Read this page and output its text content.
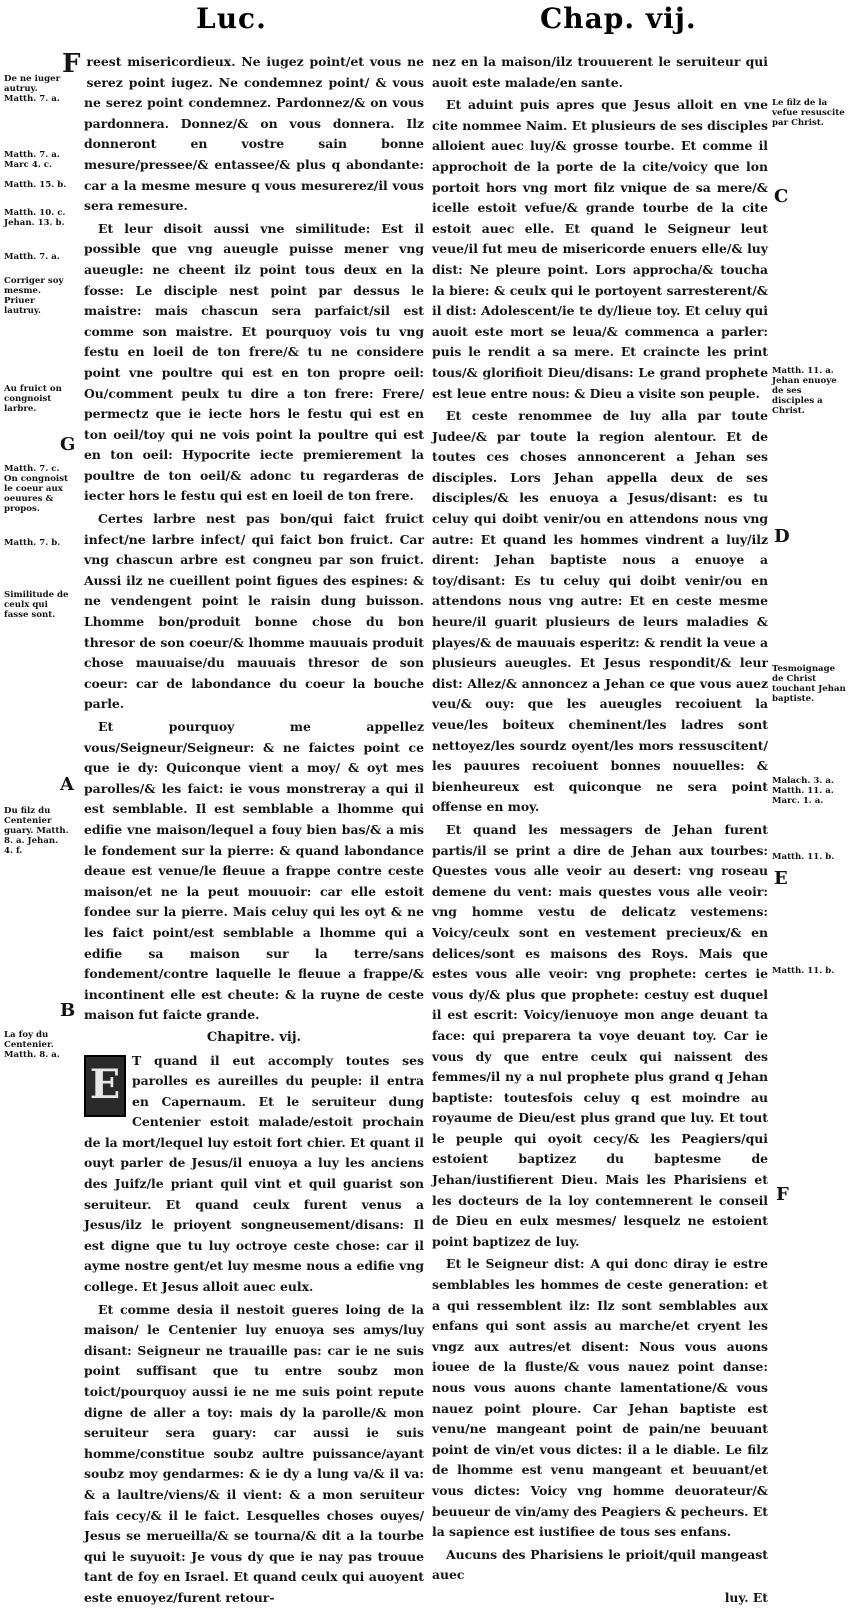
Luc.	Chap. vij.
De ne iuger autruy. Matth. 7. a.
Matth. 7. a. Marc 4. c.
Matth. 15. b.
Matth. 10. c. Jehan. 13. b.
Matth. 7. a.
Corriger soy mesme. Priuer lautruy.
Au fruict on congnoist larbre.
Matth. 7. c. On congnoist le coeur aux oeuures & propos.
Matth. 7. b.
Similitude de ceulx qui fasse sont.
Du filz du Centenier guary. Matth. 8. a. Jehan. 4. f.
La foy du Centenier. Matth. 8. a.
G
A
B
Le filz de la vefue resuscite par Christ.
Matth. 11. a. Jehan enuoye de ses disciples a Christ.
Tesmoignage de Christ touchant Jehan baptiste.
Malach. 3. a. Matth. 11. a. Marc. 1. a.
Matth. 11. b.
Matth. 11. b.
C
D
E
F

Freest misericordieux. Ne iugez point/et vous ne serez point iugez. Ne condemnez point/ & vous ne serez point condemnez. Pardonnez/& on vous pardonnera. Donnez/& on vous donnera. Ilz donneront en vostre sain bonne mesure/pressee/& entassee/& plus q abondante: car a la mesme mesure q vous mesurerez/il vous sera remesure.

Et leur disoit aussi vne similitude: Est il possible que vng aueugle puisse mener vng aueugle: ne cheent ilz point tous deux en la fosse: Le disciple nest point par dessus le maistre: mais chascun sera parfaict/sil est comme son maistre. Et pourquoy vois tu vng festu en loeil de ton frere/& tu ne considere point vne poultre qui est en ton propre oeil: Ou/comment peulx tu dire a ton frere: Frere/ permectz que ie iecte hors le festu qui est en ton oeil/toy qui ne vois point la poultre qui est en ton oeil: Hypocrite iecte premierement la poultre de ton oeil/& adonc tu regarderas de iecter hors le festu qui est en loeil de ton frere.

Certes larbre nest pas bon/qui faict fruict infect/ne larbre infect/ qui faict bon fruict. Car vng chascun arbre est congneu par son fruict. Aussi ilz ne cueillent point figues des espines: & ne vendengent point le raisin dung buisson. Lhomme bon/produit bonne chose du bon thresor de son coeur/& lhomme mauuais produit chose mauuaise/du mauuais thresor de son coeur: car de labondance du coeur la bouche parle.

Et pourquoy me appellez vous/Seigneur/Seigneur: & ne faictes point ce que ie dy: Quiconque vient a moy/ & oyt mes parolles/& les faict: ie vous monstreray a qui il est semblable. Il est semblable a lhomme qui edifie vne maison/lequel a fouy bien bas/& a mis le fondement sur la pierre: & quand labondance deaue est venue/le fleuue a frappe contre ceste maison/et ne la peut mouuoir: car elle estoit fondee sur la pierre. Mais celuy qui les oyt & ne les faict point/est semblable a lhomme qui a edifie sa maison sur la terre/sans fondement/contre laquelle le fleuue a frappe/& incontinent elle est cheute: & la ruyne de ceste maison fut faicte grande.

Chapitre. vij.

E
T quand il eut accomply toutes ses parolles es aureilles du peuple: il entra en Capernaum. Et le seruiteur dung Centenier estoit malade/estoit prochain de la mort/lequel luy estoit fort chier. Et quant il ouyt parler de Jesus/il enuoya a luy les anciens des Juifz/le priant quil vint et quil guarist son seruiteur. Et quand ceulx furent venus a Jesus/ilz le prioyent songneusement/disans: Il est digne que tu luy octroye ceste chose: car il ayme nostre gent/et luy mesme nous a edifie vng college. Et Jesus alloit auec eulx.

Et comme desia il nestoit gueres loing de la maison/ le Centenier luy enuoya ses amys/luy disant: Seigneur ne trauaille pas: car ie ne suis point suffisant que tu entre soubz mon toict/pourquoy aussi ie ne me suis point repute digne de aller a toy: mais dy la parolle/& mon seruiteur sera guary: car aussi ie suis homme/constitue soubz aultre puissance/ayant soubz moy gendarmes: & ie dy a lung va/& il va: & a laultre/viens/& il vient: & a mon seruiteur fais cecy/& il le faict. Lesquelles choses ouyes/ Jesus se merueilla/& se tourna/& dit a la tourbe qui le suyuoit: Je vous dy que ie nay pas trouue tant de foy en Israel. Et quand ceulx qui auoyent este enuoyez/furent retour-

nez en la maison/ilz trouuerent le seruiteur qui auoit este malade/en sante.

Et aduint puis apres que Jesus alloit en vne cite nommee Naim. Et plusieurs de ses disciples alloient auec luy/& grosse tourbe. Et comme il approchoit de la porte de la cite/voicy que lon portoit hors vng mort filz vnique de sa mere/& icelle estoit vefue/& grande tourbe de la cite estoit auec elle. Et quand le Seigneur leut veue/il fut meu de misericorde enuers elle/& luy dist: Ne pleure point. Lors approcha/& toucha la biere: & ceulx qui le portoyent sarresterent/& il dist: Adolescent/ie te dy/lieue toy. Et celuy qui auoit este mort se leua/& commenca a parler: puis le rendit a sa mere. Et craincte les print tous/& glorifioit Dieu/disans: Le grand prophete est leue entre nous: & Dieu a visite son peuple.

Et ceste renommee de luy alla par toute Judee/& par toute la region alentour. Et de toutes ces choses annoncerent a Jehan ses disciples. Lors Jehan appella deux de ses disciples/& les enuoya a Jesus/disant: es tu celuy qui doibt venir/ou en attendons nous vng autre: Et quand les hommes vindrent a luy/ilz dirent: Jehan baptiste nous a enuoye a toy/disant: Es tu celuy qui doibt venir/ou en attendons nous vng autre: Et en ceste mesme heure/il guarit plusieurs de leurs maladies & playes/& de mauuais esperitz: & rendit la veue a plusieurs aueugles. Et Jesus respondit/& leur dist: Allez/& annoncez a Jehan ce que vous auez veu/& ouy: que les aueugles recoiuent la veue/les boiteux cheminent/les ladres sont nettoyez/les sourdz oyent/les mors ressuscitent/ les pauures recoiuent bonnes nouuelles: & bienheureux est quiconque ne sera point offense en moy.

Et quand les messagers de Jehan furent partis/il se print a dire de Jehan aux tourbes: Questes vous alle veoir au desert: vng roseau demene du vent: mais questes vous alle veoir: vng homme vestu de delicatz vestemens: Voicy/ceulx sont en vestement precieux/& en delices/sont es maisons des Roys. Mais que estes vous alle veoir: vng prophete: certes ie vous dy/& plus que prophete: cestuy est duquel il est escrit: Voicy/ienuoye mon ange deuant ta face: qui preparera ta voye deuant toy. Car ie vous dy que entre ceulx qui naissent des femmes/il ny a nul prophete plus grand q Jehan baptiste: toutesfois celuy q est moindre au royaume de Dieu/est plus grand que luy. Et tout le peuple qui oyoit cecy/& les Peagiers/qui estoient baptizez du baptesme de Jehan/iustifierent Dieu. Mais les Pharisiens et les docteurs de la loy contemnerent le conseil de Dieu en eulx mesmes/ lesquelz ne estoient point baptizez de luy.

Et le Seigneur dist: A qui donc diray ie estre semblables les hommes de ceste generation: et a qui ressemblent ilz: Ilz sont semblables aux enfans qui sont assis au marche/et cryent les vngz aux autres/et disent: Nous vous auons iouee de la fluste/& vous nauez point danse: nous vous auons chante lamentatione/& vous nauez point ploure. Car Jehan baptiste est venu/ne mangeant point de pain/ne beuuant point de vin/et vous dictes: il a le diable. Le filz de lhomme est venu mangeant et beuuant/et vous dictes: Voicy vng homme deuorateur/& beuueur de vin/amy des Peagiers & pecheurs. Et la sapience est iustifiee de tous ses enfans.

Aucuns des Pharisiens le prioit/quil mangeast auec

luy. Et
